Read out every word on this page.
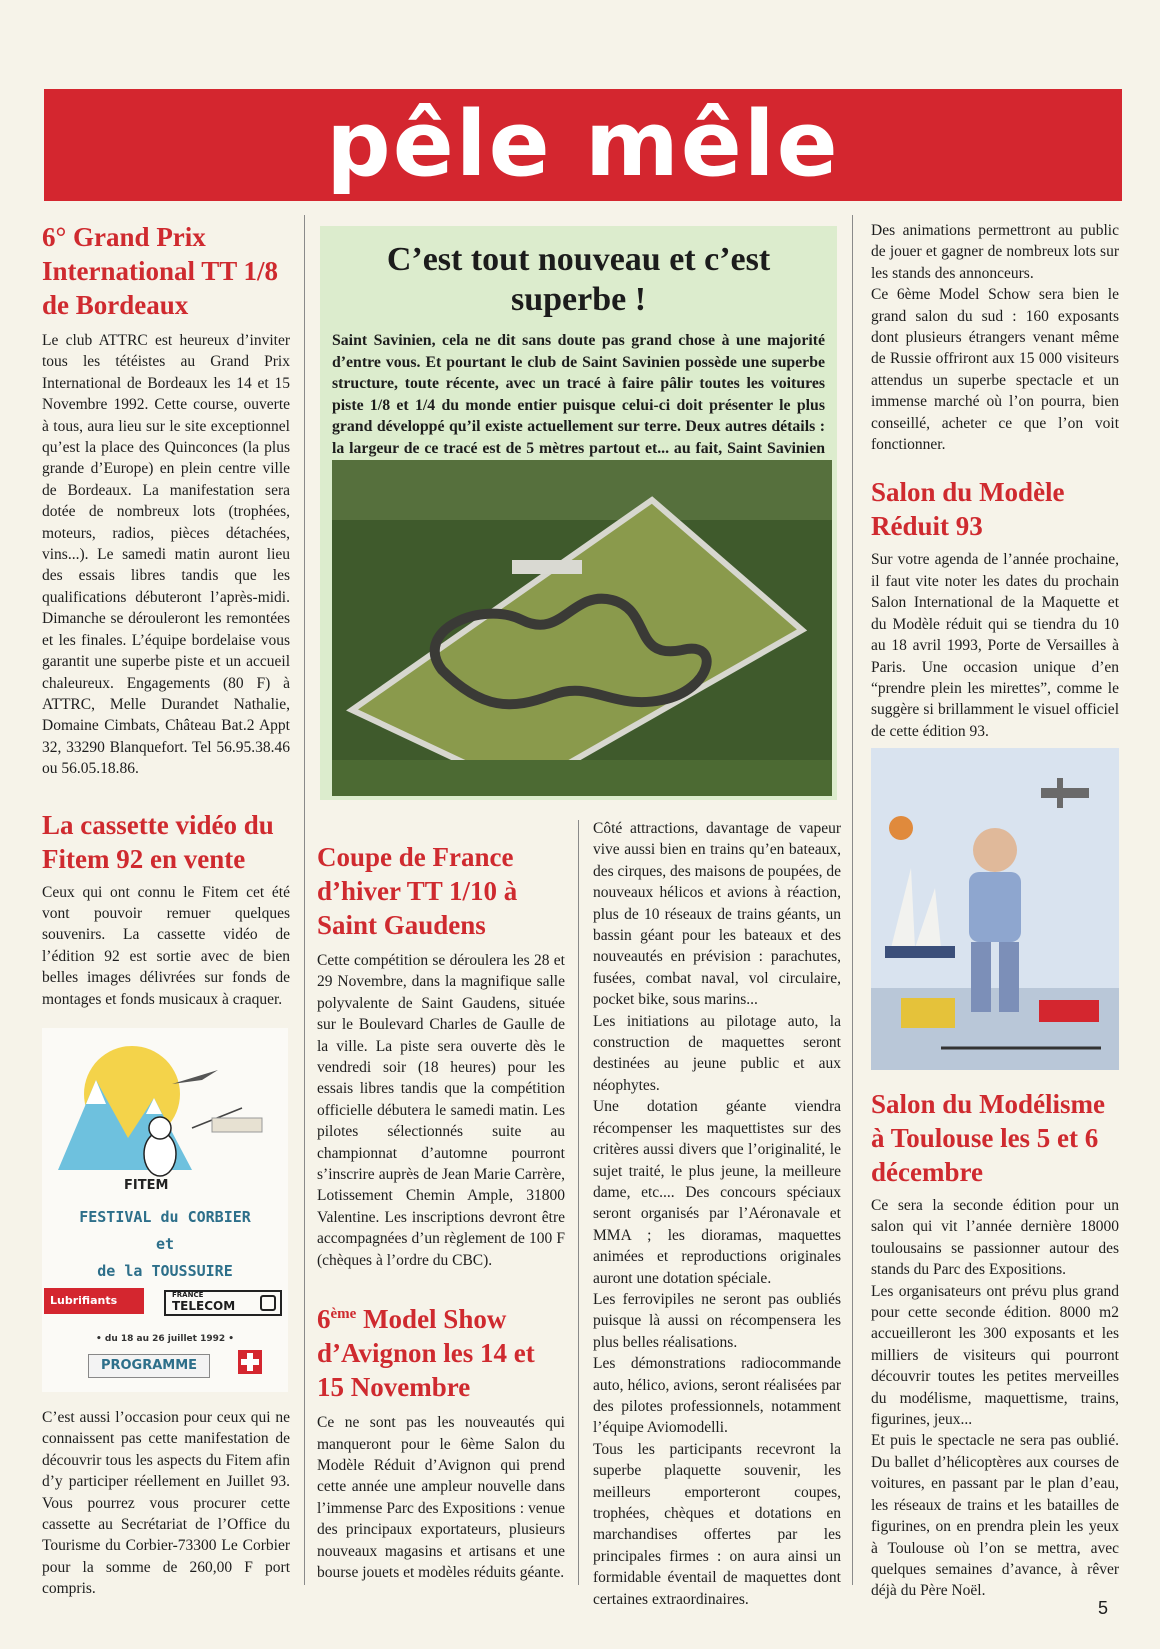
pêle mêle
6° Grand Prix International TT 1/8 de Bordeaux

Le club ATTRC est heureux d’inviter tous les tétéistes au Grand Prix International de Bordeaux les 14 et 15 Novembre 1992. Cette course, ouverte à tous, aura lieu sur le site exceptionnel qu’est la place des Quinconces (la plus grande d’Europe) en plein centre ville de Bordeaux. La manifestation sera dotée de nombreux lots (trophées, moteurs, radios, pièces détachées, vins...). Le samedi matin auront lieu des essais libres tandis que les qualifications débuteront l’après-midi. Dimanche se dérouleront les remontées et les finales. L’équipe bordelaise vous garantit une superbe piste et un accueil chaleureux. Engagements (80 F) à ATTRC, Melle Durandet Nathalie, Domaine Cimbats, Château Bat.2 Appt 32, 33290 Blanquefort. Tel 56.95.38.46 ou 56.05.18.86.

La cassette vidéo du Fitem 92 en vente

Ceux qui ont connu le Fitem cet été vont pouvoir remuer quelques souvenirs. La cassette vidéo de l’édition 92 est sortie avec de bien belles images délivrées sur fonds de montages et fonds musicaux à craquer.

FITEM
FESTIVAL du CORBIER
et
de la TOUSSUIRE
Lubrifiants	FRANCE
TELECOM
• du 18 au 26 juillet 1992 •
PROGRAMME

C’est aussi l’occasion pour ceux qui ne connaissent pas cette manifestation de découvrir tous les aspects du Fitem afin d’y participer réellement en Juillet 93. Vous pourrez vous procurer cette cassette au Secrétariat de l’Office du Tourisme du Corbier-73300 Le Corbier pour la somme de 260,00 F port compris.

C’est tout nouveau et c’est superbe !

Saint Savinien, cela ne dit sans doute pas grand chose à une majorité d’entre vous. Et pourtant le club de Saint Savinien possède une superbe structure, toute récente, avec un tracé à faire pâlir toutes les voitures piste 1/8 et 1/4 du monde entier puisque celui-ci doit présenter le plus grand développé qu’il existe actuellement sur terre. Deux autres détails : la largeur de ce tracé est de 5 mètres partout et... au fait, Saint Savinien

Coupe de France d’hiver TT 1/10 à Saint Gaudens

Cette compétition se déroulera les 28 et 29 Novembre, dans la magnifique salle polyvalente de Saint Gaudens, située sur le Boulevard Charles de Gaulle de la ville. La piste sera ouverte dès le vendredi soir (18 heures) pour les essais libres tandis que la compétition officielle débutera le samedi matin. Les pilotes sélectionnés suite au championnat d’automne pourront s’inscrire auprès de Jean Marie Carrère, Lotissement Chemin Ample, 31800 Valentine. Les inscriptions devront être accompagnées d’un règlement de 100 F (chèques à l’ordre du CBC).

6ème Model Show d’Avignon les 14 et 15 Novembre

Ce ne sont pas les nouveautés qui manqueront pour le 6ème Salon du Modèle Réduit d’Avignon qui prend cette année une ampleur nouvelle dans l’immense Parc des Expositions : venue des principaux exportateurs, plusieurs nouveaux magasins et artisans et une bourse jouets et modèles réduits géante.

Côté attractions, davantage de vapeur vive aussi bien en trains qu’en bateaux, des cirques, des maisons de poupées, de nouveaux hélicos et avions à réaction, plus de 10 réseaux de trains géants, un bassin géant pour les bateaux et des nouveautés en prévision : parachutes, fusées, combat naval, vol circulaire, pocket bike, sous marins...

Les initiations au pilotage auto, la construction de maquettes seront destinées au jeune public et aux néophytes.

Une dotation géante viendra récompenser les maquettistes sur des critères aussi divers que l’originalité, le sujet traité, le plus jeune, la meilleure dame, etc.... Des concours spéciaux seront organisés par l’Aéronavale et MMA ; les dioramas, maquettes animées et reproductions originales auront une dotation spéciale.

Les ferrovipiles ne seront pas oubliés puisque là aussi on récompensera les plus belles réalisations.

Les démonstrations radiocommande auto, hélico, avions, seront réalisées par des pilotes professionnels, notamment l’équipe Aviomodelli.

Tous les participants recevront la superbe plaquette souvenir, les meilleurs emporteront coupes, trophées, chèques et dotations en marchandises offertes par les principales firmes : on aura ainsi un formidable éventail de maquettes dont certaines extraordinaires.

Des animations permettront au public de jouer et gagner de nombreux lots sur les stands des annonceurs.

Ce 6ème Model Schow sera bien le grand salon du sud : 160 exposants dont plusieurs étrangers venant même de Russie offriront aux 15 000 visiteurs attendus un superbe spectacle et un immense marché où l’on pourra, bien conseillé, acheter ce que l’on voit fonctionner.

Salon du Modèle Réduit 93

Sur votre agenda de l’année prochaine, il faut vite noter les dates du prochain Salon International de la Maquette et du Modèle réduit qui se tiendra du 10 au 18 avril 1993, Porte de Versailles à Paris. Une occasion unique d’en “prendre plein les mirettes”, comme le suggère si brillamment le visuel officiel de cette édition 93.

Salon du Modélisme à Toulouse les 5 et 6 décembre

Ce sera la seconde édition pour un salon qui vit l’année dernière 18000 toulousains se passionner autour des stands du Parc des Expositions.

Les organisateurs ont prévu plus grand pour cette seconde édition. 8000 m2 accueilleront les 300 exposants et les milliers de visiteurs qui pourront découvrir toutes les petites merveilles du modélisme, maquettisme, trains, figurines, jeux...

Et puis le spectacle ne sera pas oublié. Du ballet d’hélicoptères aux courses de voitures, en passant par le plan d’eau, les réseaux de trains et les batailles de figurines, on en prendra plein les yeux à Toulouse où l’on se mettra, avec quelques semaines d’avance, à rêver déjà du Père Noël.

5
